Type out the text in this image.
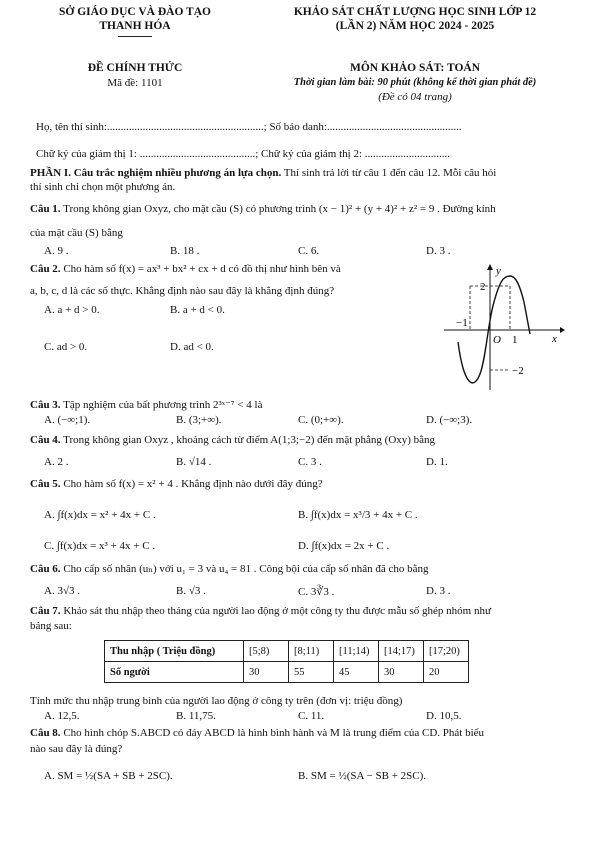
SỞ GIÁO DỤC VÀ ĐÀO TẠO
THANH HÓA
KHẢO SÁT CHẤT LƯỢNG HỌC SINH LỚP 12
(LẦN 2) NĂM HỌC 2024 - 2025
ĐỀ CHÍNH THỨC
Mã đề: 1101
MÔN KHẢO SÁT: TOÁN
Thời gian làm bài: 90 phút (không kể thời gian phát đề)
(Đề có 04 trang)
Họ, tên thí sinh:.........................................................; Số báo danh:.................................................
Chữ ký của giám thị 1: ..........................................; Chữ ký của giám thị 2: ...............................
PHẦN I. Câu trắc nghiệm nhiều phương án lựa chọn. Thí sinh trả lời từ câu 1 đến câu 12. Mỗi câu hỏi
thí sinh chỉ chọn một phương án.
Câu 1. Trong không gian Oxyz, cho mặt cầu (S) có phương trình (x − 1)² + (y + 4)² + z² = 9 . Đường kính
của mặt cầu (S) bằng
A. 9 .	B. 18 .	C. 6.	D. 3 .
Câu 2. Cho hàm số f(x) = ax³ + bx² + cx + d có đồ thị như hình bên và
a, b, c, d là các số thực. Khẳng định nào sau đây là khẳng định đúng?
A. a + d > 0.	B. a + d < 0.
C. ad > 0.	D. ad < 0.
y
x
2
−1
O 1
−2
Câu 3. Tập nghiệm của bất phương trình 2³ˣ⁻⁷ < 4 là
A. (−∞;1).	B. (3;+∞).	C. (0;+∞).	D. (−∞;3).
Câu 4. Trong không gian Oxyz , khoảng cách từ điểm A(1;3;−2) đến mặt phẳng (Oxy) bằng
A. 2 .	B. √14 .	C. 3 .	D. 1.
Câu 5. Cho hàm số f(x) = x² + 4 . Khẳng định nào dưới đây đúng?
A. ∫f(x)dx = x² + 4x + C .	B. ∫f(x)dx = x³/3 + 4x + C .
C. ∫f(x)dx = x³ + 4x + C .	D. ∫f(x)dx = 2x + C .
Câu 6. Cho cấp số nhân (uₙ) với u₁ = 3 và u₄ = 81 . Công bội của cấp số nhân đã cho bằng
A. 3√3 .	B. √3 .	C. 3∛3 .	D. 3 .
Câu 7. Khảo sát thu nhập theo tháng của người lao động ở một công ty thu được mẫu số ghép nhóm như
bảng sau:
Thu nhập ( Triệu đồng)	[5;8)	[8;11)	[11;14)	[14;17)	[17;20)
Số người	30	55	45	30	20
Tính mức thu nhập trung bình của người lao động ở công ty trên (đơn vị: triệu đồng)
A. 12,5.	B. 11,75.	C. 11.	D. 10,5.
Câu 8. Cho hình chóp S.ABCD có đáy ABCD là hình bình hành và M là trung điểm của CD. Phát biểu
nào sau đây là đúng?
A. SM = ½(SA + SB + 2SC).	B. SM = ½(SA − SB + 2SC).
